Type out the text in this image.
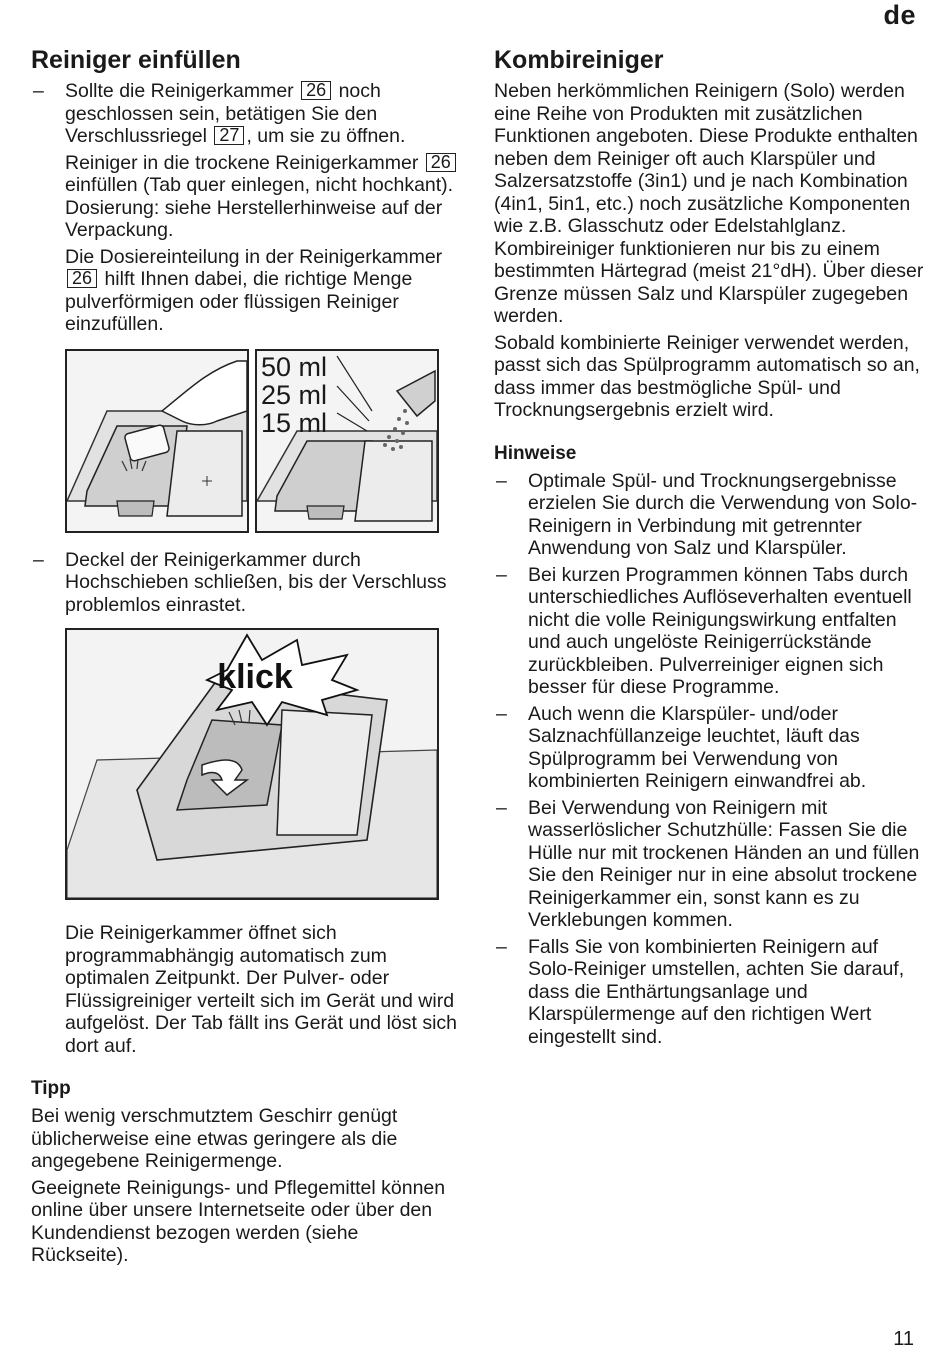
de
Reiniger einfüllen

– Sollte die Reinigerkammer 26 noch geschlossen sein, betätigen Sie den Verschlussriegel 27 , um sie zu öffnen.

Reiniger in die trockene Reinigerkammer 26 einfüllen (Tab quer einlegen, nicht hochkant).

Dosierung: siehe Herstellerhinweise auf der Verpackung.

Die Dosiereinteilung in der Reinigerkammer 26 hilft Ihnen dabei, die richtige Menge pulverförmigen oder flüssigen Reiniger einzufüllen.

50 ml
25 ml
15 ml

– Deckel der Reinigerkammer durch Hochschieben schließen, bis der Verschluss problemlos einrastet.

klick

Die Reinigerkammer öffnet sich programmabhängig automatisch zum optimalen Zeitpunkt. Der Pulver- oder Flüssigreiniger verteilt sich im Gerät und wird aufgelöst. Der Tab fällt ins Gerät und löst sich dort auf.

Tipp

Bei wenig verschmutztem Geschirr genügt üblicherweise eine etwas geringere als die angegebene Reinigermenge.

Geeignete Reinigungs- und Pflegemittel können online über unsere Internetseite oder über den Kundendienst bezogen werden (siehe Rückseite).

Kombireiniger

Neben herkömmlichen Reinigern (Solo) werden eine Reihe von Produkten mit zusätzlichen Funktionen angeboten. Diese Produkte enthalten neben dem Reiniger oft auch Klarspüler und Salzersatzstoffe (3in1) und je nach Kombination (4in1, 5in1, etc.) noch zusätzliche Komponenten wie z.B. Glasschutz oder Edelstahlglanz. Kombireiniger funktionieren nur bis zu einem bestimmten Härtegrad (meist 21°dH). Über dieser Grenze müssen Salz und Klarspüler zugegeben werden.

Sobald kombinierte Reiniger verwendet werden, passt sich das Spülprogramm automatisch so an, dass immer das bestmögliche Spül- und Trocknungsergebnis erzielt wird.

Hinweise

– Optimale Spül- und Trocknungsergebnisse erzielen Sie durch die Verwendung von Solo-Reinigern in Verbindung mit getrennter Anwendung von Salz und Klarspüler.

– Bei kurzen Programmen können Tabs durch unterschiedliches Auflöseverhalten eventuell nicht die volle Reinigungswirkung entfalten und auch ungelöste Reinigerrückstände zurückbleiben. Pulverreiniger eignen sich besser für diese Programme.

– Auch wenn die Klarspüler- und/oder Salznachfüllanzeige leuchtet, läuft das Spülprogramm bei Verwendung von kombinierten Reinigern einwandfrei ab.

– Bei Verwendung von Reinigern mit wasserlöslicher Schutzhülle: Fassen Sie die Hülle nur mit trockenen Händen an und füllen Sie den Reiniger nur in eine absolut trockene Reinigerkammer ein, sonst kann es zu Verklebungen kommen.

– Falls Sie von kombinierten Reinigern auf Solo-Reiniger umstellen, achten Sie darauf, dass die Enthärtungsanlage und Klarspülermenge auf den richtigen Wert eingestellt sind.

11
